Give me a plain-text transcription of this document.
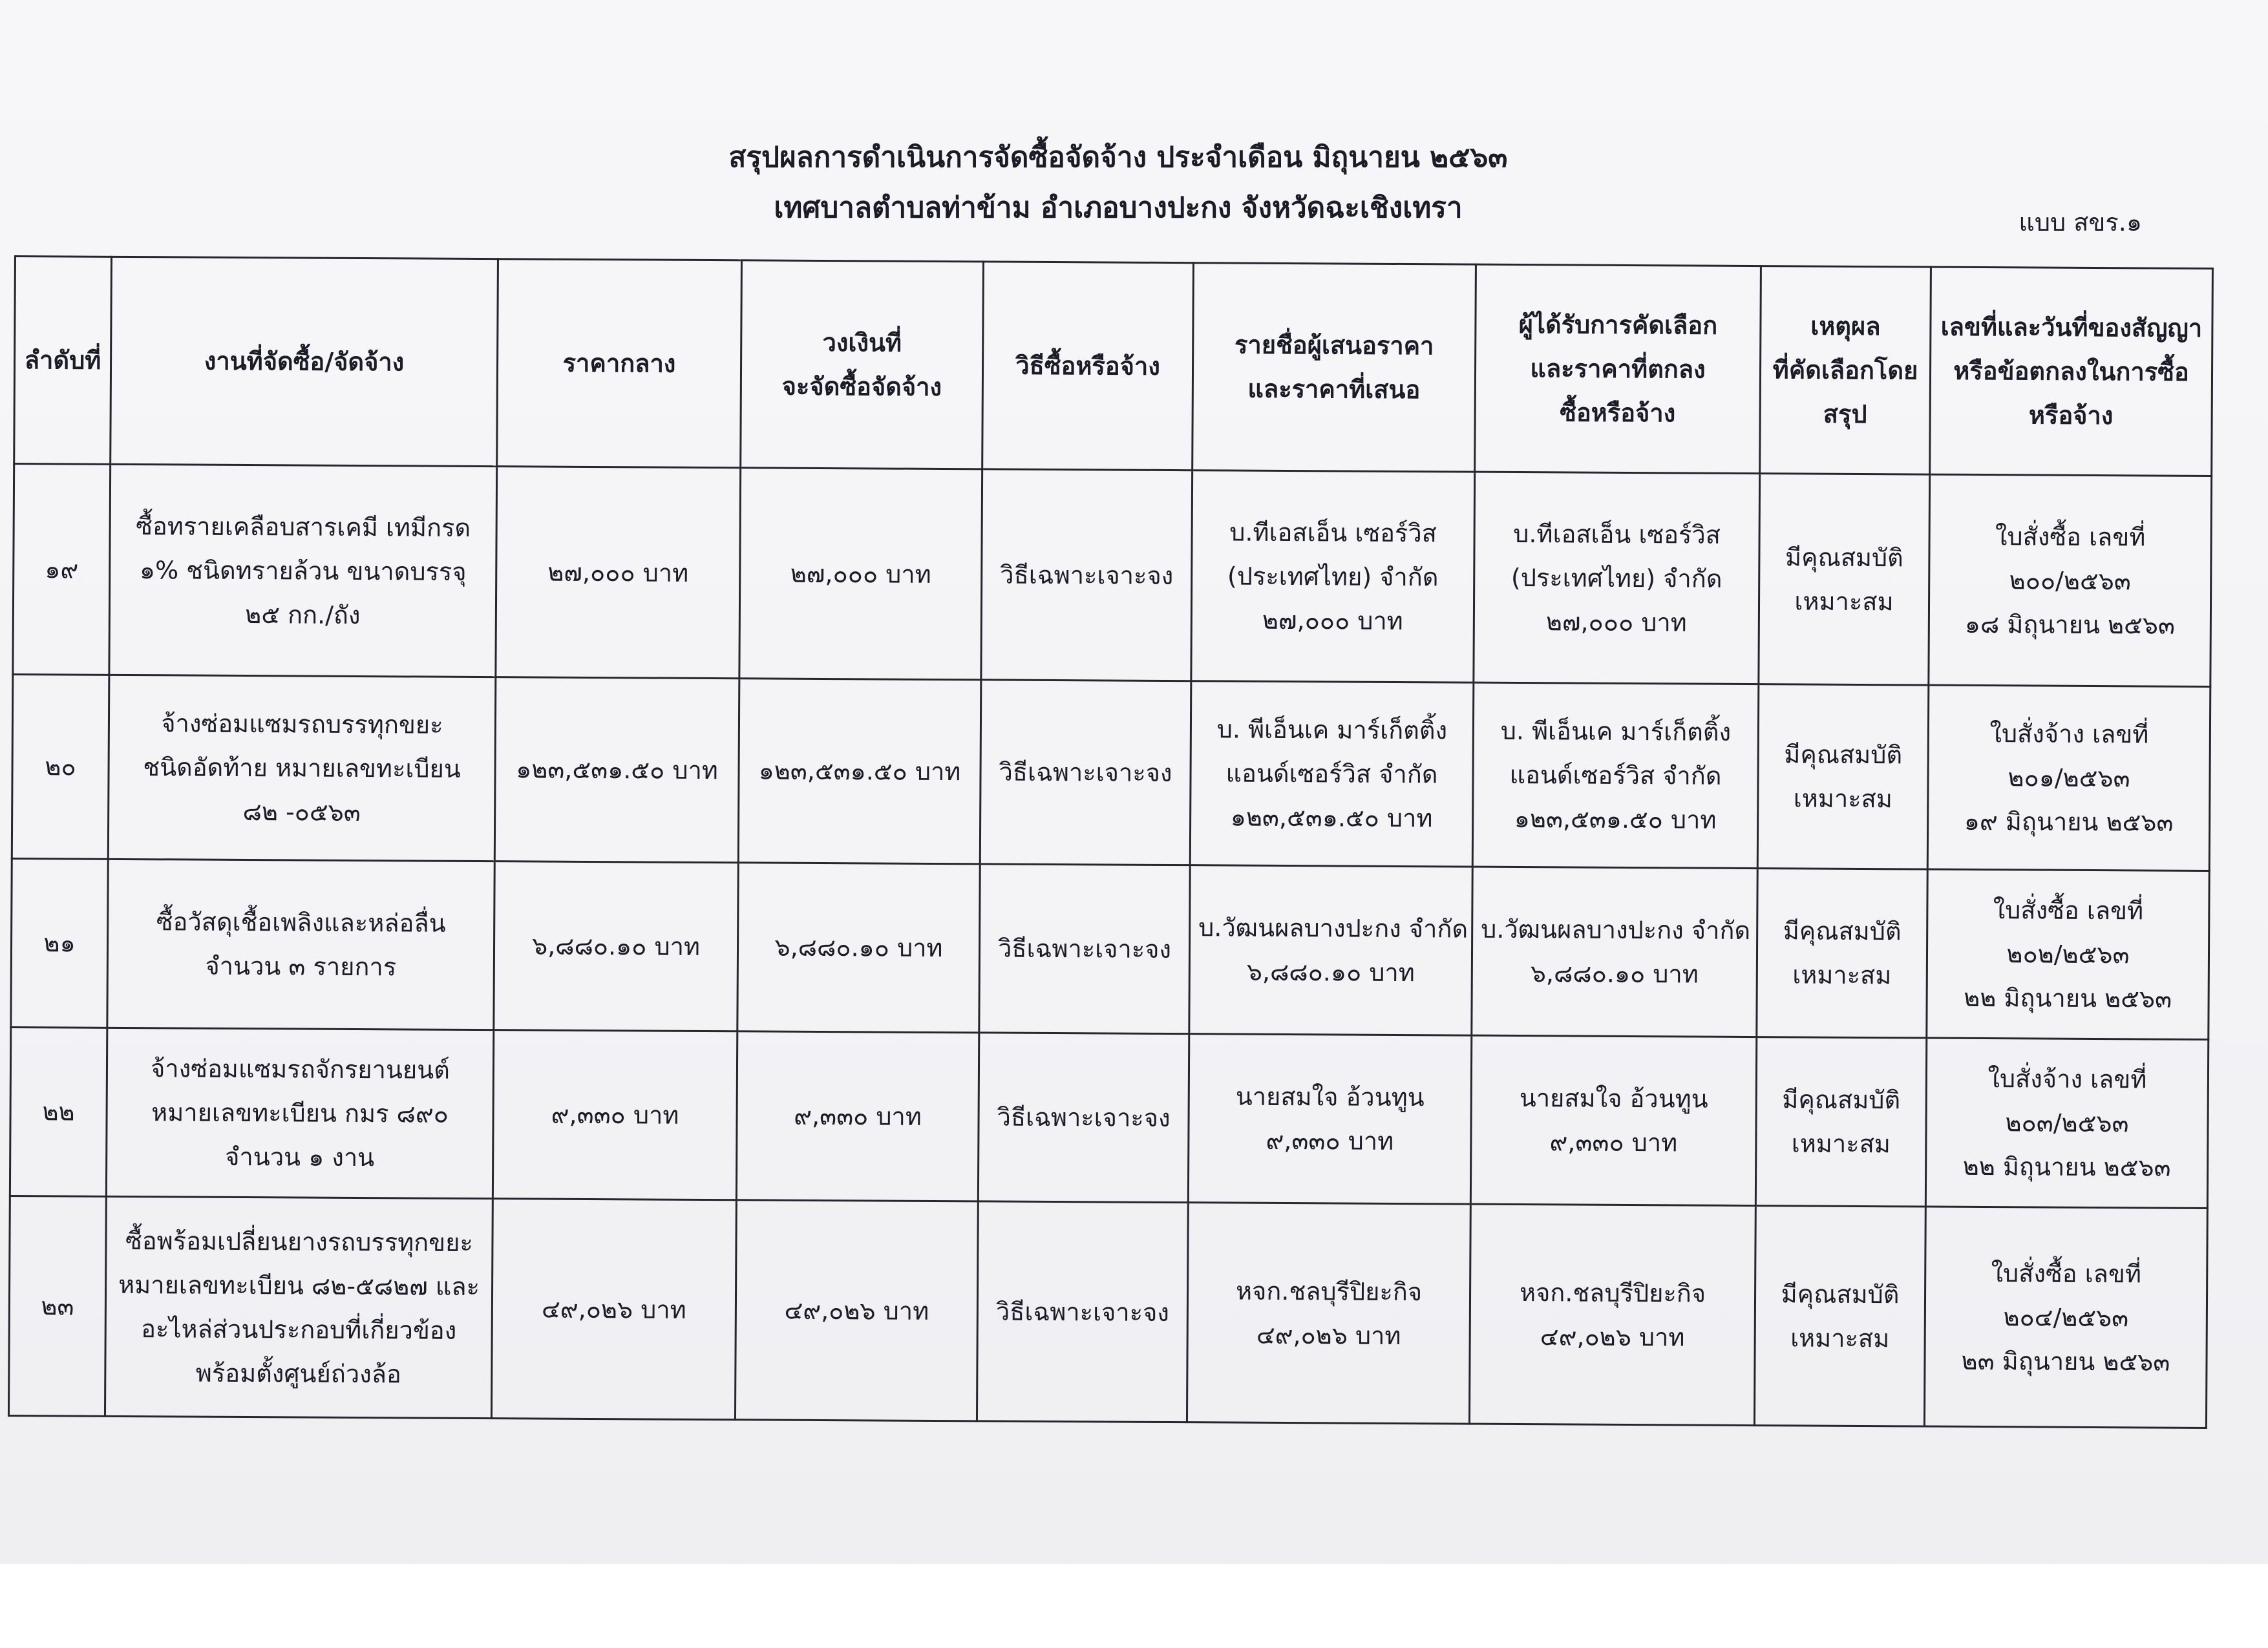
สรุปผลการดำเนินการจัดซื้อจัดจ้าง ประจำเดือน มิถุนายน ๒๕๖๓
เทศบาลตำบลท่าข้าม อำเภอบางปะกง จังหวัดฉะเชิงเทรา	แบบ สขร.๑
ลำดับที่	งานที่จัดซื้อ/จัดจ้าง	ราคากลาง	วงเงินที่
จะจัดซื้อจัดจ้าง	วิธีซื้อหรือจ้าง	รายชื่อผู้เสนอราคา
และราคาที่เสนอ	ผู้ได้รับการคัดเลือก
และราคาที่ตกลง
ซื้อหรือจ้าง	เหตุผล
ที่คัดเลือกโดย
สรุป	เลขที่และวันที่ของสัญญา
หรือข้อตกลงในการซื้อ
หรือจ้าง

๑๙	ซื้อทรายเคลือบสารเคมี เทมีกรด
๑% ชนิดทรายล้วน ขนาดบรรจุ
๒๕ กก./ถัง	๒๗,๐๐๐ บาท	๒๗,๐๐๐ บาท	วิธีเฉพาะเจาะจง	บ.ทีเอสเอ็น เซอร์วิส
(ประเทศไทย) จำกัด
๒๗,๐๐๐ บาท	บ.ทีเอสเอ็น เซอร์วิส
(ประเทศไทย) จำกัด
๒๗,๐๐๐ บาท	มีคุณสมบัติ
เหมาะสม	ใบสั่งซื้อ เลขที่
๒๐๐/๒๕๖๓
๑๘ มิถุนายน ๒๕๖๓

๒๐	จ้างซ่อมแซมรถบรรทุกขยะ
ชนิดอัดท้าย หมายเลขทะเบียน
๘๒ -๐๕๖๓	๑๒๓,๕๓๑.๕๐ บาท	๑๒๓,๕๓๑.๕๐ บาท	วิธีเฉพาะเจาะจง	บ. พีเอ็นเค มาร์เก็ตติ้ง
แอนด์เซอร์วิส จำกัด
๑๒๓,๕๓๑.๕๐ บาท	บ. พีเอ็นเค มาร์เก็ตติ้ง
แอนด์เซอร์วิส จำกัด
๑๒๓,๕๓๑.๕๐ บาท	มีคุณสมบัติ
เหมาะสม	ใบสั่งจ้าง เลขที่
๒๐๑/๒๕๖๓
๑๙ มิถุนายน ๒๕๖๓

๒๑	ซื้อวัสดุเชื้อเพลิงและหล่อลื่น
จำนวน ๓ รายการ	๖,๘๘๐.๑๐ บาท	๖,๘๘๐.๑๐ บาท	วิธีเฉพาะเจาะจง	บ.วัฒนผลบางปะกง จำกัด
๖,๘๘๐.๑๐ บาท	บ.วัฒนผลบางปะกง จำกัด
๖,๘๘๐.๑๐ บาท	มีคุณสมบัติ
เหมาะสม	ใบสั่งซื้อ เลขที่
๒๐๒/๒๕๖๓
๒๒ มิถุนายน ๒๕๖๓

๒๒	จ้างซ่อมแซมรถจักรยานยนต์
หมายเลขทะเบียน กมร ๘๙๐
จำนวน ๑ งาน	๙,๓๓๐ บาท	๙,๓๓๐ บาท	วิธีเฉพาะเจาะจง	นายสมใจ อ้วนทูน
๙,๓๓๐ บาท	นายสมใจ อ้วนทูน
๙,๓๓๐ บาท	มีคุณสมบัติ
เหมาะสม	ใบสั่งจ้าง เลขที่
๒๐๓/๒๕๖๓
๒๒ มิถุนายน ๒๕๖๓

๒๓	ซื้อพร้อมเปลี่ยนยางรถบรรทุกขยะ
หมายเลขทะเบียน ๘๒-๕๘๒๗ และ
อะไหล่ส่วนประกอบที่เกี่ยวข้อง
พร้อมตั้งศูนย์ถ่วงล้อ	๔๙,๐๒๖ บาท	๔๙,๐๒๖ บาท	วิธีเฉพาะเจาะจง	หจก.ชลบุรีปิยะกิจ
๔๙,๐๒๖ บาท	หจก.ชลบุรีปิยะกิจ
๔๙,๐๒๖ บาท	มีคุณสมบัติ
เหมาะสม	ใบสั่งซื้อ เลขที่
๒๐๔/๒๕๖๓
๒๓ มิถุนายน ๒๕๖๓
